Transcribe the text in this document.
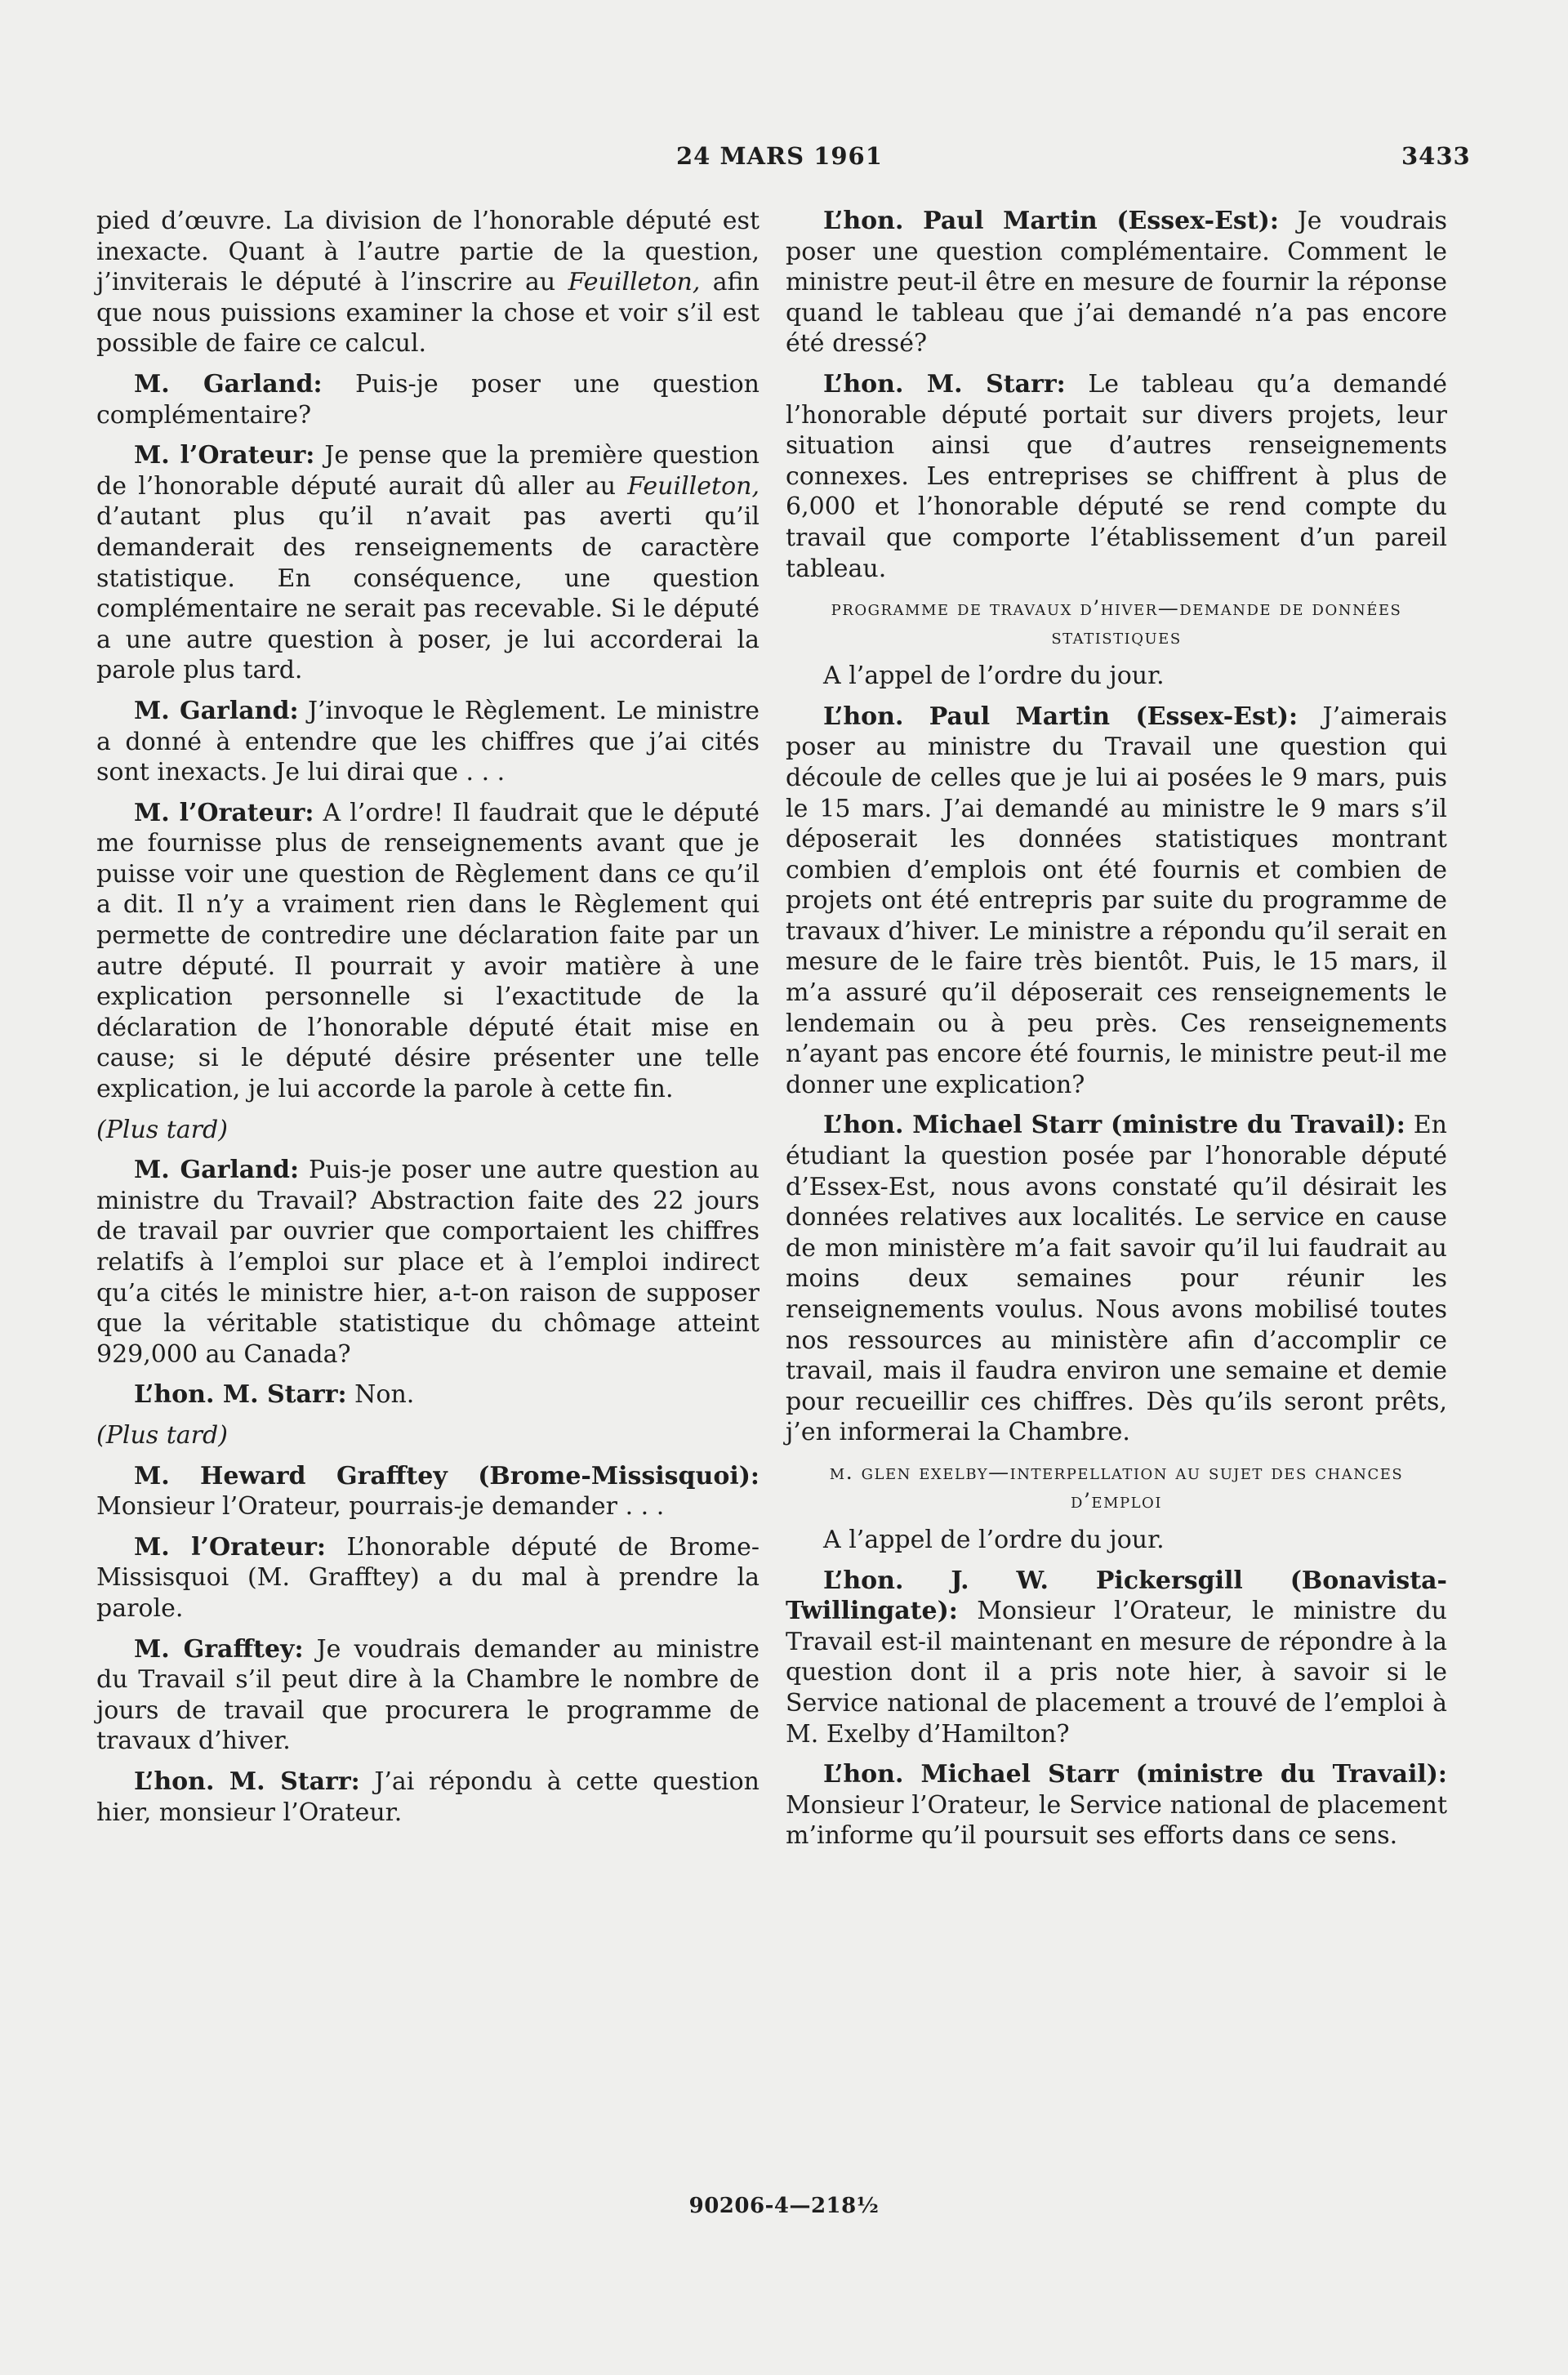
24 MARS 1961	3433

pied d’œuvre. La division de l’honorable député est inexacte. Quant à l’autre partie de la question, j’inviterais le député à l’inscrire au Feuilleton, afin que nous puissions examiner la chose et voir s’il est possible de faire ce calcul.

M. Garland: Puis-je poser une question complémentaire?

M. l’Orateur: Je pense que la première question de l’honorable député aurait dû aller au Feuilleton, d’autant plus qu’il n’avait pas averti qu’il demanderait des renseignements de caractère statistique. En conséquence, une question complémentaire ne serait pas recevable. Si le député a une autre question à poser, je lui accorderai la parole plus tard.

M. Garland: J’invoque le Règlement. Le ministre a donné à entendre que les chiffres que j’ai cités sont inexacts. Je lui dirai que . . .

M. l’Orateur: A l’ordre! Il faudrait que le député me fournisse plus de renseignements avant que je puisse voir une question de Règlement dans ce qu’il a dit. Il n’y a vraiment rien dans le Règlement qui permette de contredire une déclaration faite par un autre député. Il pourrait y avoir matière à une explication personnelle si l’exactitude de la déclaration de l’honorable député était mise en cause; si le député désire présenter une telle explication, je lui accorde la parole à cette fin.

(Plus tard)

M. Garland: Puis-je poser une autre question au ministre du Travail? Abstraction faite des 22 jours de travail par ouvrier que comportaient les chiffres relatifs à l’emploi sur place et à l’emploi indirect qu’a cités le ministre hier, a-t-on raison de supposer que la véritable statistique du chômage atteint 929,000 au Canada?

L’hon. M. Starr: Non.

(Plus tard)

M. Heward Grafftey (Brome-Missisquoi): Monsieur l’Orateur, pourrais-je demander . . .

M. l’Orateur: L’honorable député de Brome-Missisquoi (M. Grafftey) a du mal à prendre la parole.

M. Grafftey: Je voudrais demander au ministre du Travail s’il peut dire à la Chambre le nombre de jours de travail que procurera le programme de travaux d’hiver.

L’hon. M. Starr: J’ai répondu à cette question hier, monsieur l’Orateur.

L’hon. Paul Martin (Essex-Est): Je voudrais poser une question complémentaire. Comment le ministre peut-il être en mesure de fournir la réponse quand le tableau que j’ai demandé n’a pas encore été dressé?

L’hon. M. Starr: Le tableau qu’a demandé l’honorable député portait sur divers projets, leur situation ainsi que d’autres renseignements connexes. Les entreprises se chiffrent à plus de 6,000 et l’honorable député se rend compte du travail que comporte l’établissement d’un pareil tableau.

programme de travaux d’hiver—demande de données statistiques

A l’appel de l’ordre du jour.

L’hon. Paul Martin (Essex-Est): J’aimerais poser au ministre du Travail une question qui découle de celles que je lui ai posées le 9 mars, puis le 15 mars. J’ai demandé au ministre le 9 mars s’il déposerait les données statistiques montrant combien d’emplois ont été fournis et combien de projets ont été entrepris par suite du programme de travaux d’hiver. Le ministre a répondu qu’il serait en mesure de le faire très bientôt. Puis, le 15 mars, il m’a assuré qu’il déposerait ces renseignements le lendemain ou à peu près. Ces renseignements n’ayant pas encore été fournis, le ministre peut-il me donner une explication?

L’hon. Michael Starr (ministre du Travail): En étudiant la question posée par l’honorable député d’Essex-Est, nous avons constaté qu’il désirait les données relatives aux localités. Le service en cause de mon ministère m’a fait savoir qu’il lui faudrait au moins deux semaines pour réunir les renseignements voulus. Nous avons mobilisé toutes nos ressources au ministère afin d’accomplir ce travail, mais il faudra environ une semaine et demie pour recueillir ces chiffres. Dès qu’ils seront prêts, j’en informerai la Chambre.

m. glen exelby—interpellation au sujet des chances d’emploi

A l’appel de l’ordre du jour.

L’hon. J. W. Pickersgill (Bonavista-Twillingate): Monsieur l’Orateur, le ministre du Travail est-il maintenant en mesure de répondre à la question dont il a pris note hier, à savoir si le Service national de placement a trouvé de l’emploi à M. Exelby d’Hamilton?

L’hon. Michael Starr (ministre du Travail): Monsieur l’Orateur, le Service national de placement m’informe qu’il poursuit ses efforts dans ce sens.

90206-4—218½
